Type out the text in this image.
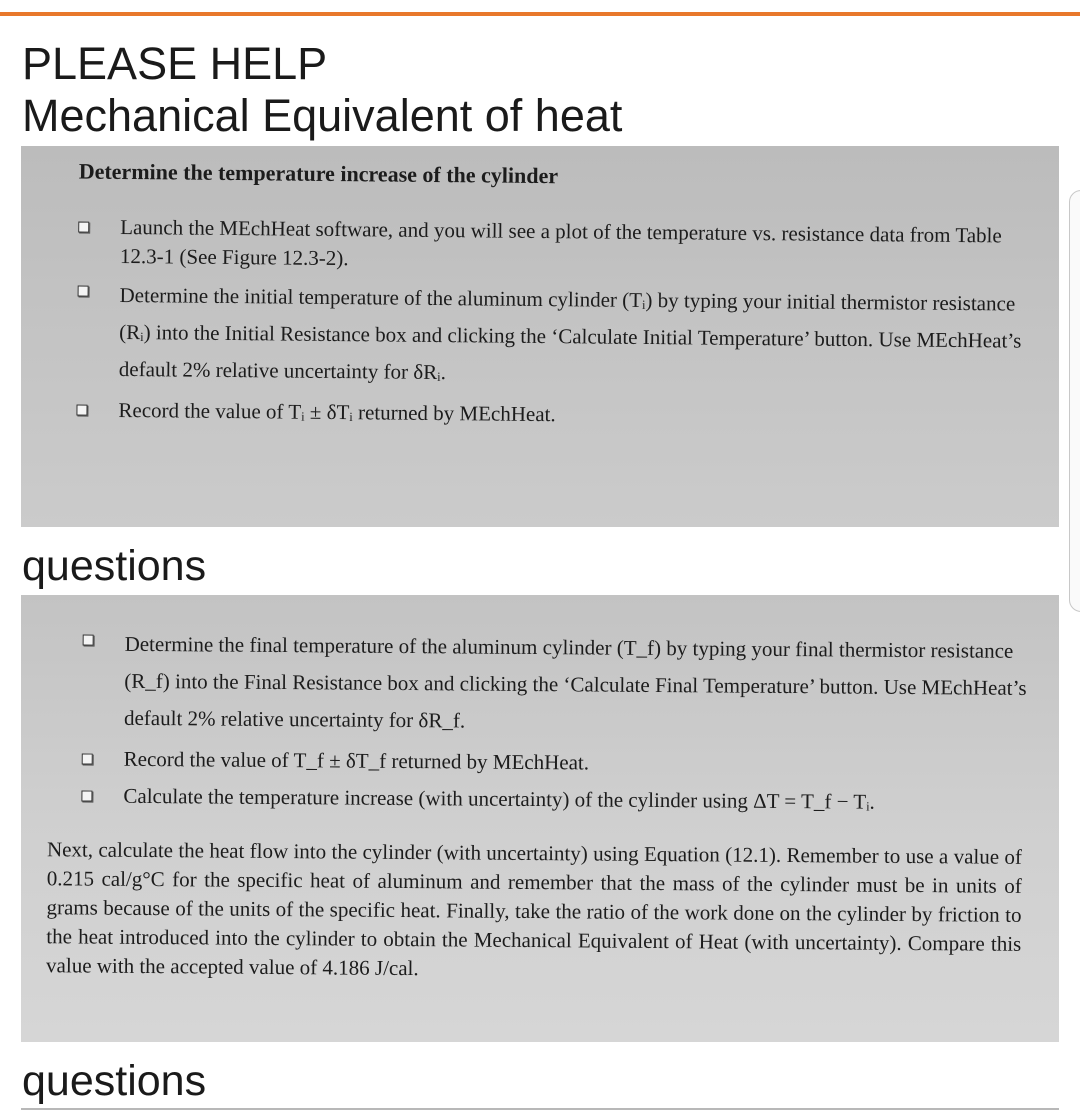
PLEASE HELP
Mechanical Equivalent of heat
Determine the temperature increase of the cylinder
Launch the MEchHeat software, and you will see a plot of the temperature vs. resistance data from Table 12.3-1 (See Figure 12.3-2).
Determine the initial temperature of the aluminum cylinder (Tᵢ) by typing your initial thermistor resistance (Rᵢ) into the Initial Resistance box and clicking the ‘Calculate Initial Temperature’ button. Use MEchHeat’s default 2% relative uncertainty for δRᵢ.
Record the value of Tᵢ ± δTᵢ returned by MEchHeat.
questions
Determine the final temperature of the aluminum cylinder (T_f) by typing your final thermistor resistance (R_f) into the Final Resistance box and clicking the ‘Calculate Final Temperature’ button. Use MEchHeat’s default 2% relative uncertainty for δR_f.
Record the value of T_f ± δT_f returned by MEchHeat.
Calculate the temperature increase (with uncertainty) of the cylinder using ΔT = T_f − Tᵢ.

Next, calculate the heat flow into the cylinder (with uncertainty) using Equation (12.1). Remember to use a value of 0.215 cal/g°C for the specific heat of aluminum and remember that the mass of the cylinder must be in units of grams because of the units of the specific heat. Finally, take the ratio of the work done on the cylinder by friction to the heat introduced into the cylinder to obtain the Mechanical Equivalent of Heat (with uncertainty). Compare this value with the accepted value of 4.186 J/cal.

questions
